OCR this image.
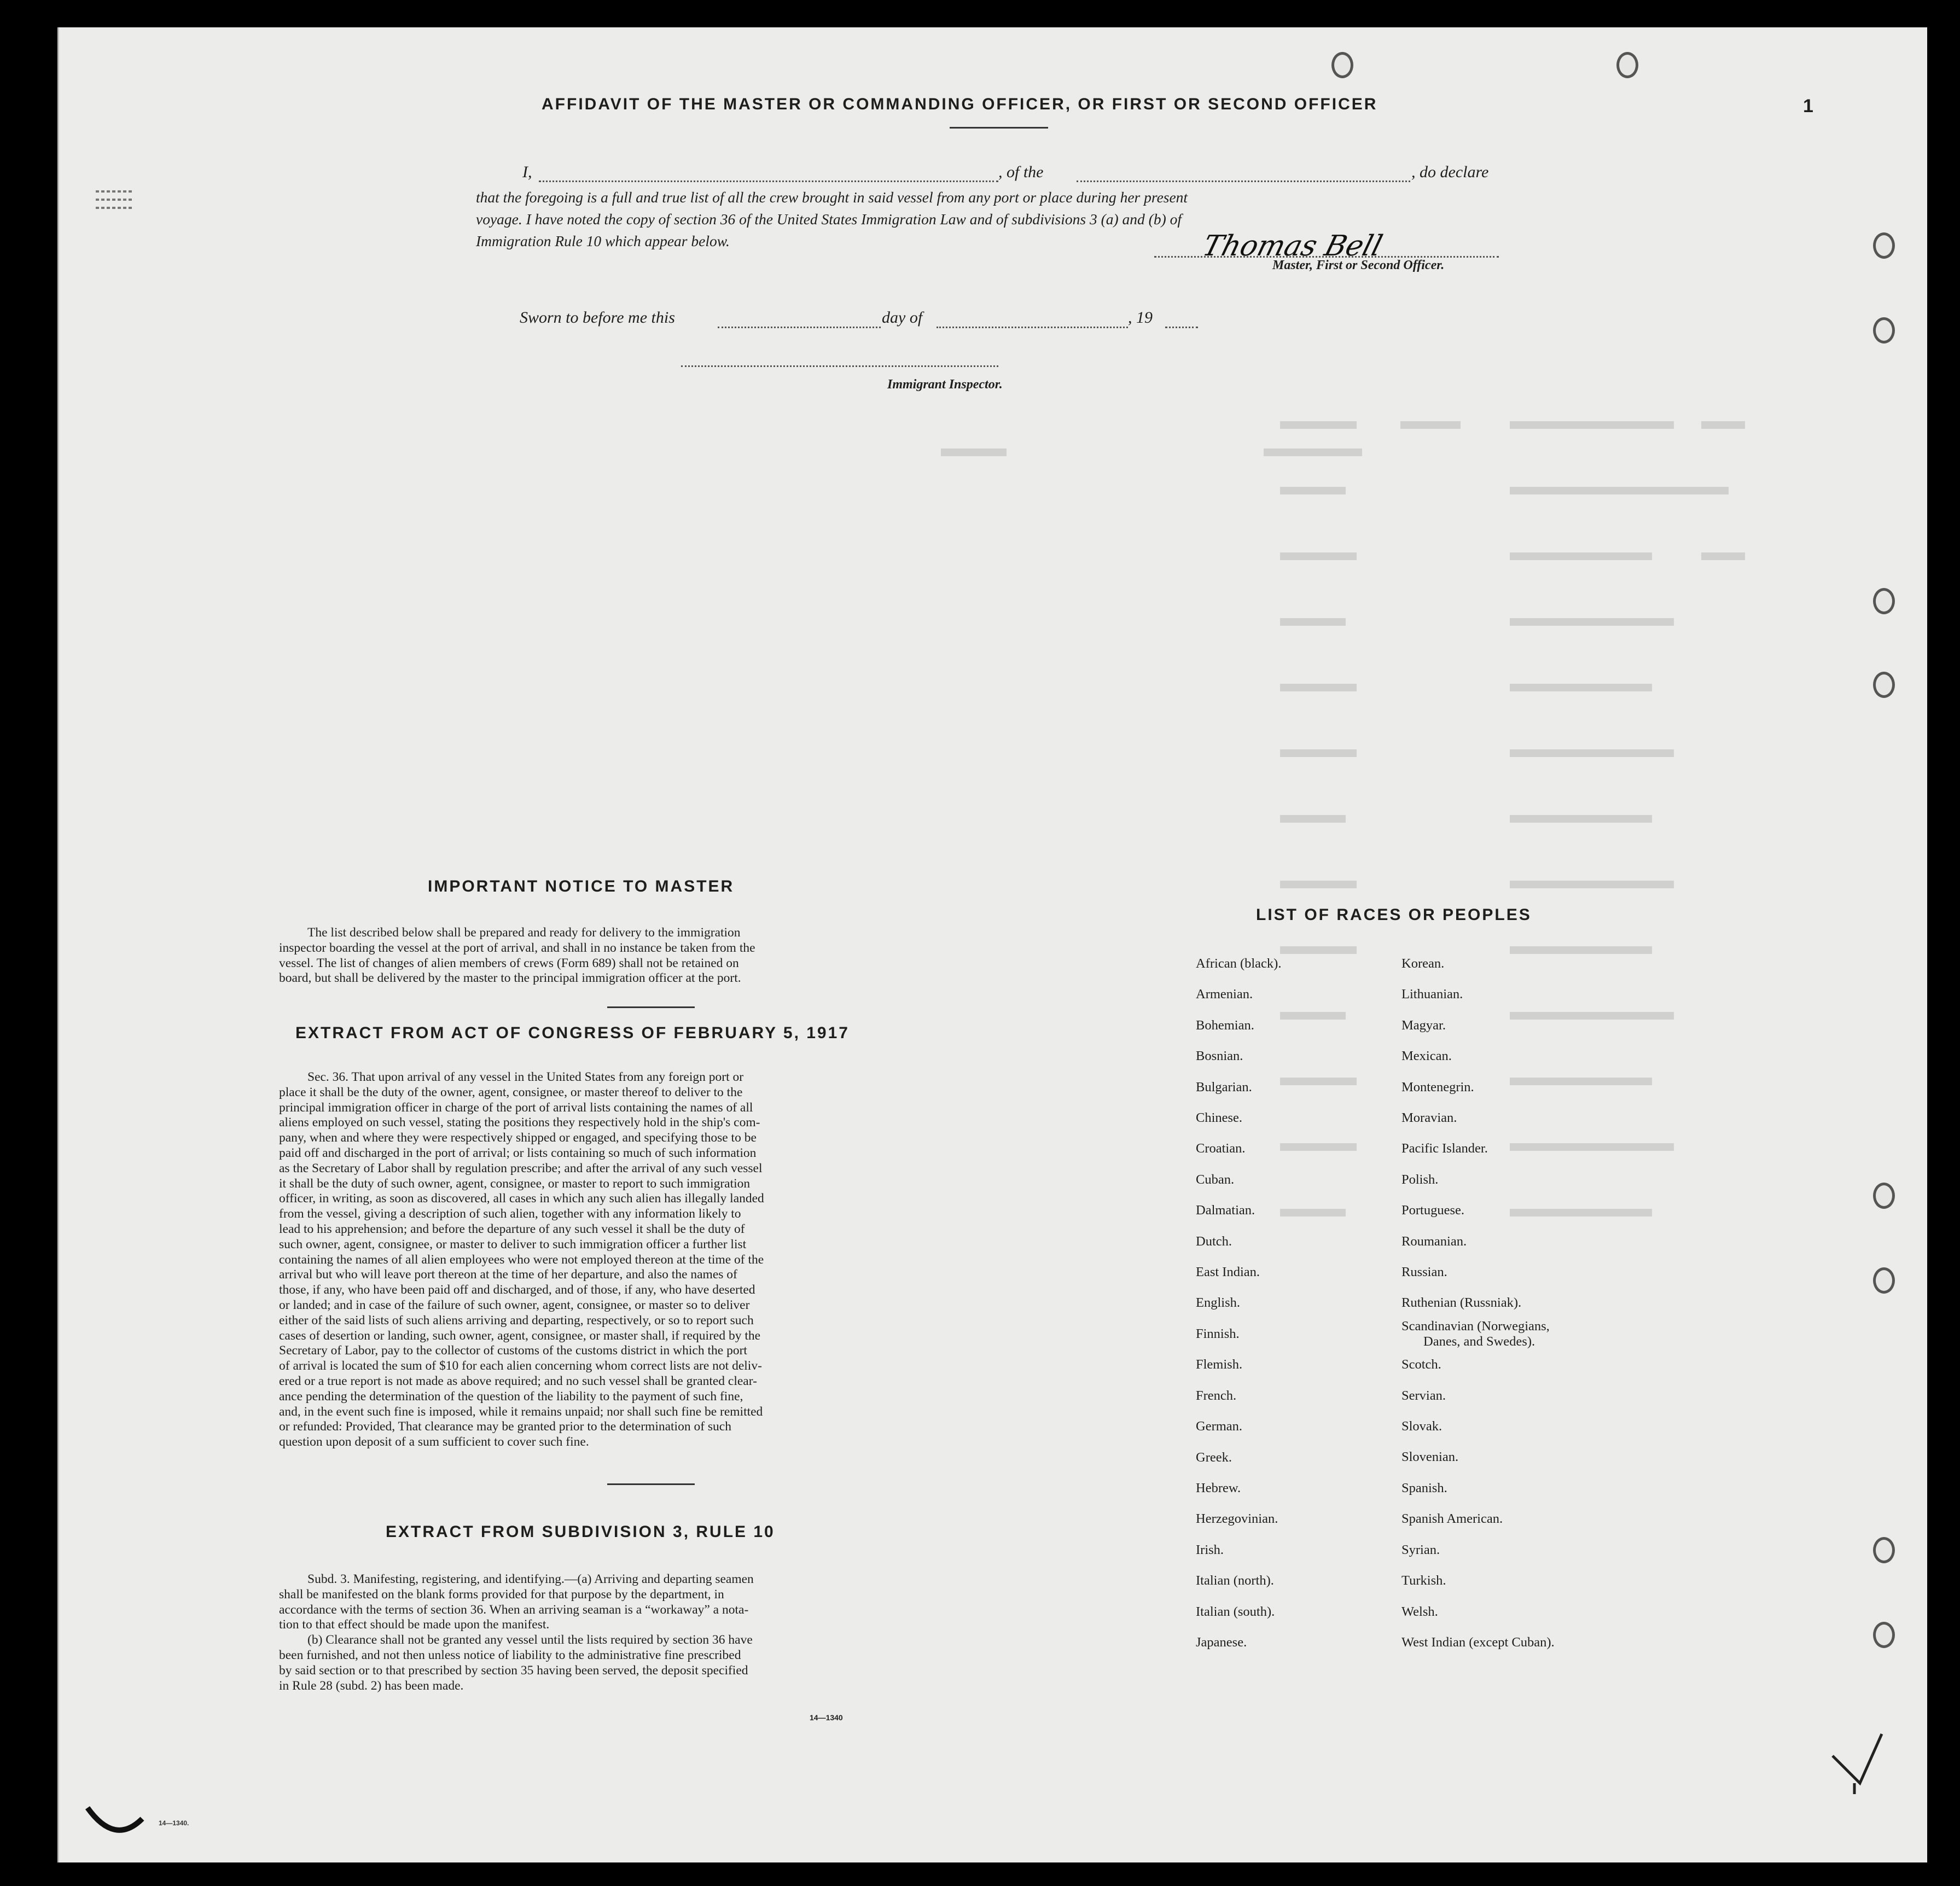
1
AFFIDAVIT OF THE MASTER OR COMMANDING OFFICER, OR FIRST OR SECOND OFFICER
I,	, of the	, do declare
that the foregoing is a full and true list of all the crew brought in said vessel from any port or place during her present
voyage. I have noted the copy of section 36 of the United States Immigration Law and of subdivisions 3 (a) and (b) of
Immigration Rule 10 which appear below.	Thomas Bell
Master, First or Second Officer.
Sworn to before me this	day of	, 19
Immigrant Inspector.
IMPORTANT NOTICE TO MASTER
The list described below shall be prepared and ready for delivery to the immigration
inspector boarding the vessel at the port of arrival, and shall in no instance be taken from the
vessel. The list of changes of alien members of crews (Form 689) shall not be retained on
board, but shall be delivered by the master to the principal immigration officer at the port.
EXTRACT FROM ACT OF CONGRESS OF FEBRUARY 5, 1917
Sec. 36. That upon arrival of any vessel in the United States from any foreign port or
place it shall be the duty of the owner, agent, consignee, or master thereof to deliver to the
principal immigration officer in charge of the port of arrival lists containing the names of all
aliens employed on such vessel, stating the positions they respectively hold in the ship's com-
pany, when and where they were respectively shipped or engaged, and specifying those to be
paid off and discharged in the port of arrival; or lists containing so much of such information
as the Secretary of Labor shall by regulation prescribe; and after the arrival of any such vessel
it shall be the duty of such owner, agent, consignee, or master to report to such immigration
officer, in writing, as soon as discovered, all cases in which any such alien has illegally landed
from the vessel, giving a description of such alien, together with any information likely to
lead to his apprehension; and before the departure of any such vessel it shall be the duty of
such owner, agent, consignee, or master to deliver to such immigration officer a further list
containing the names of all alien employees who were not employed thereon at the time of the
arrival but who will leave port thereon at the time of her departure, and also the names of
those, if any, who have been paid off and discharged, and of those, if any, who have deserted
or landed; and in case of the failure of such owner, agent, consignee, or master so to deliver
either of the said lists of such aliens arriving and departing, respectively, or so to report such
cases of desertion or landing, such owner, agent, consignee, or master shall, if required by the
Secretary of Labor, pay to the collector of customs of the customs district in which the port
of arrival is located the sum of $10 for each alien concerning whom correct lists are not deliv-
ered or a true report is not made as above required; and no such vessel shall be granted clear-
ance pending the determination of the question of the liability to the payment of such fine,
and, in the event such fine is imposed, while it remains unpaid; nor shall such fine be remitted
or refunded: Provided, That clearance may be granted prior to the determination of such
question upon deposit of a sum sufficient to cover such fine.
EXTRACT FROM SUBDIVISION 3, RULE 10
Subd. 3. Manifesting, registering, and identifying.—(a) Arriving and departing seamen
shall be manifested on the blank forms provided for that purpose by the department, in
accordance with the terms of section 36. When an arriving seaman is a “workaway” a nota-
tion to that effect should be made upon the manifest.
(b) Clearance shall not be granted any vessel until the lists required by section 36 have
been furnished, and not then unless notice of liability to the administrative fine prescribed
by said section or to that prescribed by section 35 having been served, the deposit specified
in Rule 28 (subd. 2) has been made.
14—1340
LIST OF RACES OR PEOPLES
African (black).
Armenian.
Bohemian.
Bosnian.
Bulgarian.
Chinese.
Croatian.
Cuban.
Dalmatian.
Dutch.
East Indian.
English.
Finnish.
Flemish.
French.
German.
Greek.
Hebrew.
Herzegovinian.
Irish.
Italian (north).
Italian (south).
Japanese.
Korean.
Lithuanian.
Magyar.
Mexican.
Montenegrin.
Moravian.
Pacific Islander.
Polish.
Portuguese.
Roumanian.
Russian.
Ruthenian (Russniak).
Scandinavian (Norwegians,
Danes, and Swedes).
Scotch.
Servian.
Slovak.
Slovenian.
Spanish.
Spanish American.
Syrian.
Turkish.
Welsh.
West Indian (except Cuban).
14—1340.
